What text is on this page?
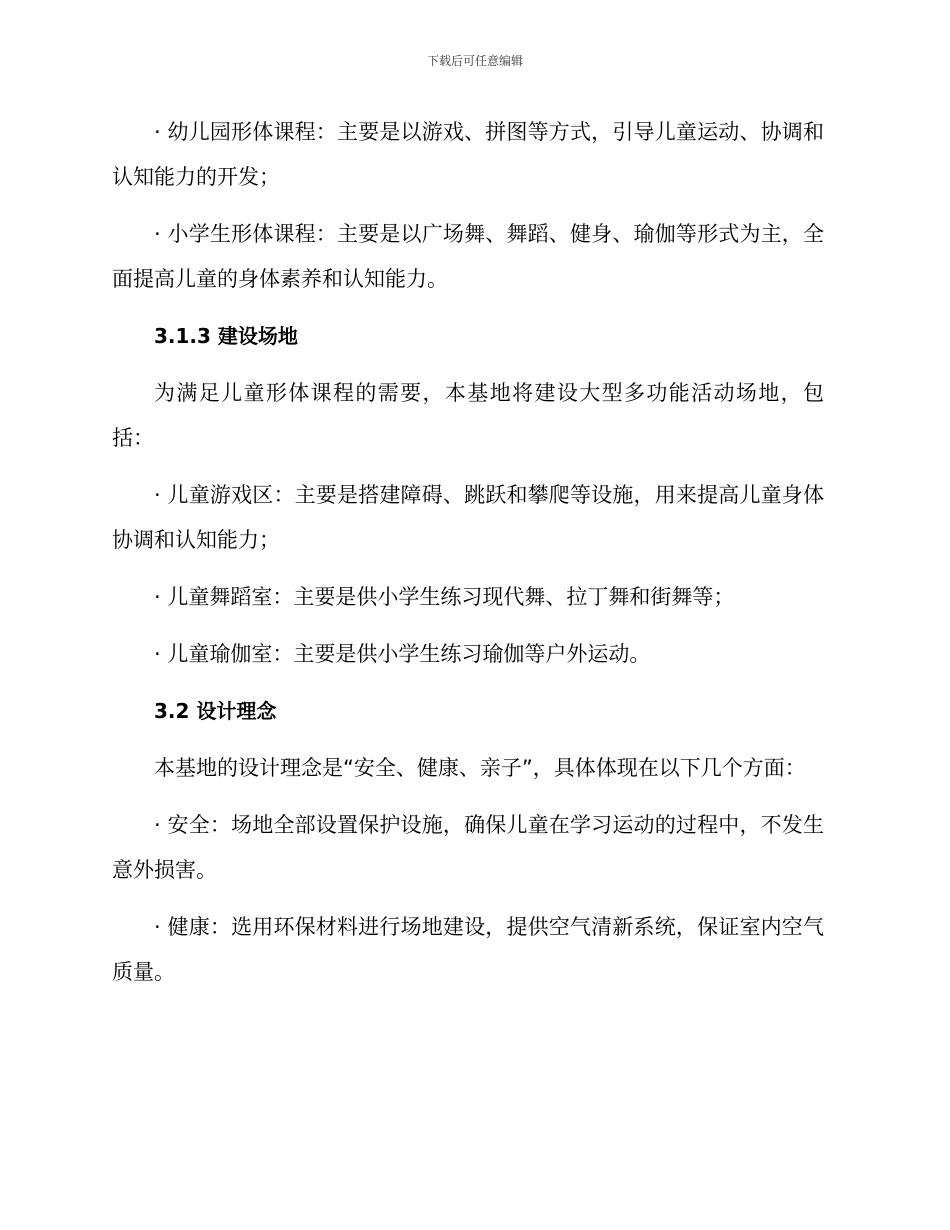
下载后可任意编辑

· 幼儿园形体课程：主要是以游戏、拼图等方式，引导儿童运动、协调和认知能力的开发；

· 小学生形体课程：主要是以广场舞、舞蹈、健身、瑜伽等形式为主，全面提高儿童的身体素养和认知能力。

3.1.3 建设场地

为满足儿童形体课程的需要，本基地将建设大型多功能活动场地，包括：

· 儿童游戏区：主要是搭建障碍、跳跃和攀爬等设施，用来提高儿童身体协调和认知能力；

· 儿童舞蹈室：主要是供小学生练习现代舞、拉丁舞和街舞等；

· 儿童瑜伽室：主要是供小学生练习瑜伽等户外运动。

3.2 设计理念

本基地的设计理念是“安全、健康、亲子”，具体体现在以下几个方面：

· 安全：场地全部设置保护设施，确保儿童在学习运动的过程中，不发生意外损害。

· 健康：选用环保材料进行场地建设，提供空气清新系统，保证室内空气质量。
